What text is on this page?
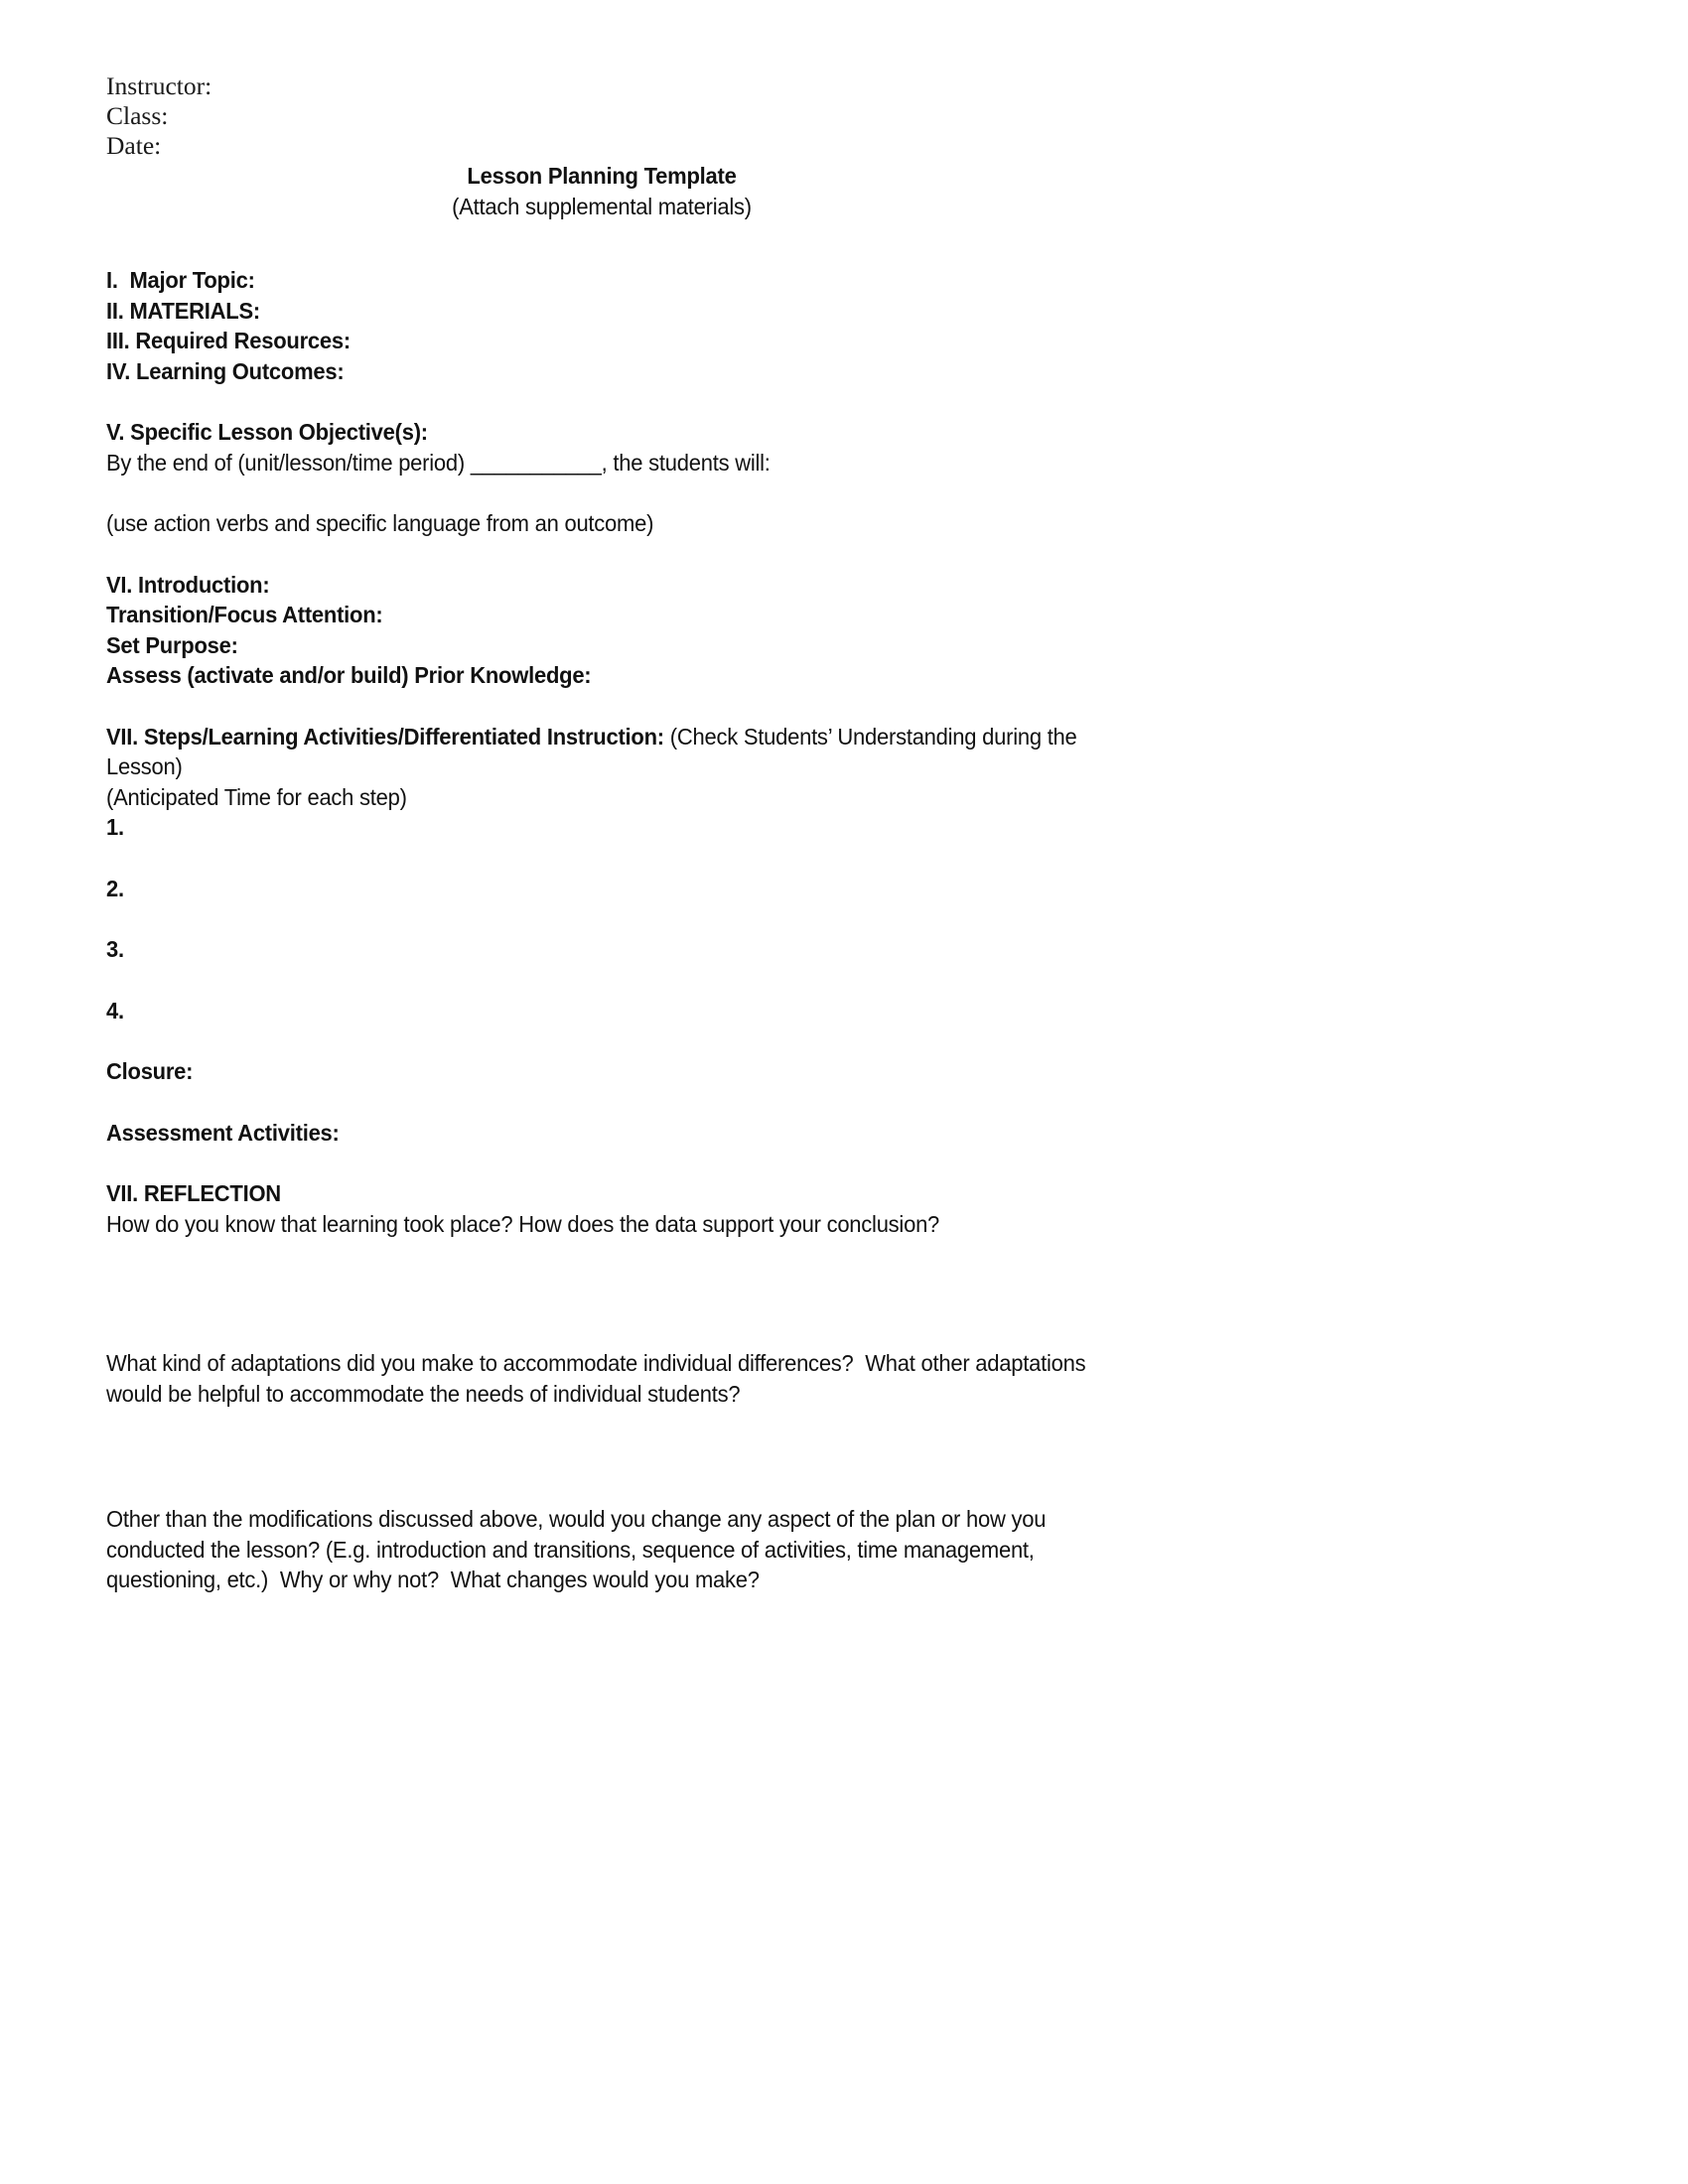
Instructor:
Class:
Date:
Lesson Planning Template
(Attach supplemental materials)
I.  Major Topic:
II. MATERIALS:
III. Required Resources:
IV. Learning Outcomes:
V. Specific Lesson Objective(s):
By the end of (unit/lesson/time period) ___________, the students will:
(use action verbs and specific language from an outcome)
VI. Introduction:
Transition/Focus Attention:
Set Purpose:
Assess (activate and/or build) Prior Knowledge:
VII. Steps/Learning Activities/Differentiated Instruction: (Check Students’ Understanding during the Lesson)
(Anticipated Time for each step)
1.
2.
3.
4.
Closure:
Assessment Activities:
VII. REFLECTION
How do you know that learning took place? How does the data support your conclusion?
What kind of adaptations did you make to accommodate individual differences?  What other adaptations would be helpful to accommodate the needs of individual students?
Other than the modifications discussed above, would you change any aspect of the plan or how you conducted the lesson? (E.g. introduction and transitions, sequence of activities, time management, questioning, etc.)  Why or why not?  What changes would you make?
